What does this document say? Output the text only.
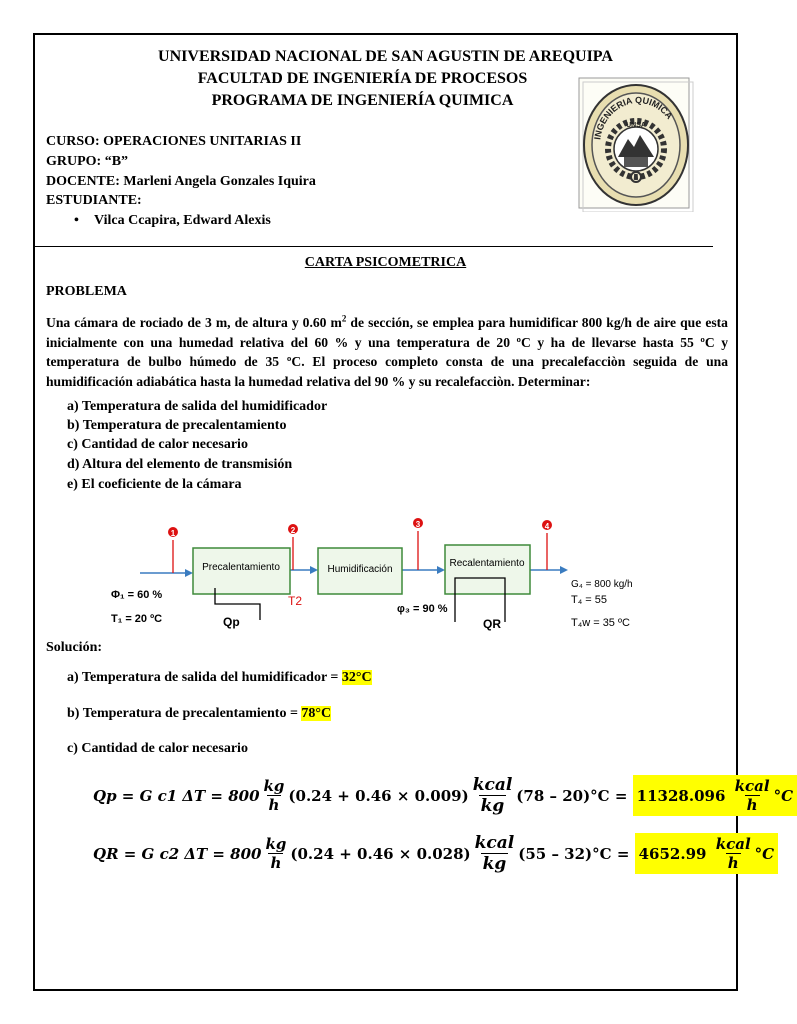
UNIVERSIDAD NACIONAL DE SAN AGUSTIN DE AREQUIPA
FACULTAD DE INGENIERÍA DE PROCESOS
PROGRAMA DE INGENIERÍA QUIMICA
INGENIERIA QUIMICA
UNSA
CURSO: OPERACIONES UNITARIAS II
GRUPO: “B”
DOCENTE: Marleni Angela Gonzales Iquira
ESTUDIANTE:
• Vilca Ccapira, Edward Alexis
CARTA PSICOMETRICA
PROBLEMA
Una cámara de rociado de 3 m, de altura y 0.60 $m^2$ de sección, se emplea para humidificar 800 kg/h de aire que esta inicialmente con una humedad relativa del 60 % y una temperatura de 20 ºC y ha de llevarse hasta 55 ºC y temperatura de bulbo húmedo de 35 ºC. El proceso completo consta de una precalefacciòn seguida de una humidificación adiabática hasta la humedad relativa del 90 % y su recalefacciòn. Determinar:
a) Temperatura de salida del humidificador
b) Temperatura de precalentamiento
c) Cantidad de calor necesario
d) Altura del elemento de transmisión
e) El coeficiente de la cámara
Precalentamiento	Humidificación
Recalentamiento
1	2
3	4
Φ₁ = 60 %
T₁ = 20 ºC
T2
Qp
φ₃ = 90 %
QR
G₄ = 800 kg/h
T₄ = 55
T₄w = 35 ºC
Solución:
a) Temperatura de salida del humidificador = 32°C
b) Temperatura de precalentamiento = 78°C
c) Cantidad de calor necesario
Qp = G c1 $\Delta T = 800 \frac{kg}{h} (0.24 + 0.46 \times 0.009) \frac{\text{kcal}}{kg} (78 - 20)^\circ C$ =
11328.096
$\frac{\text{kcal}}{h} ^\circ C$
QR = G c2 $\Delta T = 800 \frac{kg}{h} (0.24 + 0.46 \times 0.028) \frac{\text{kcal}}{kg} (55 - 32)^\circ C$ =
4652.99
$\frac{\text{kcal}}{h} ^\circ C$
